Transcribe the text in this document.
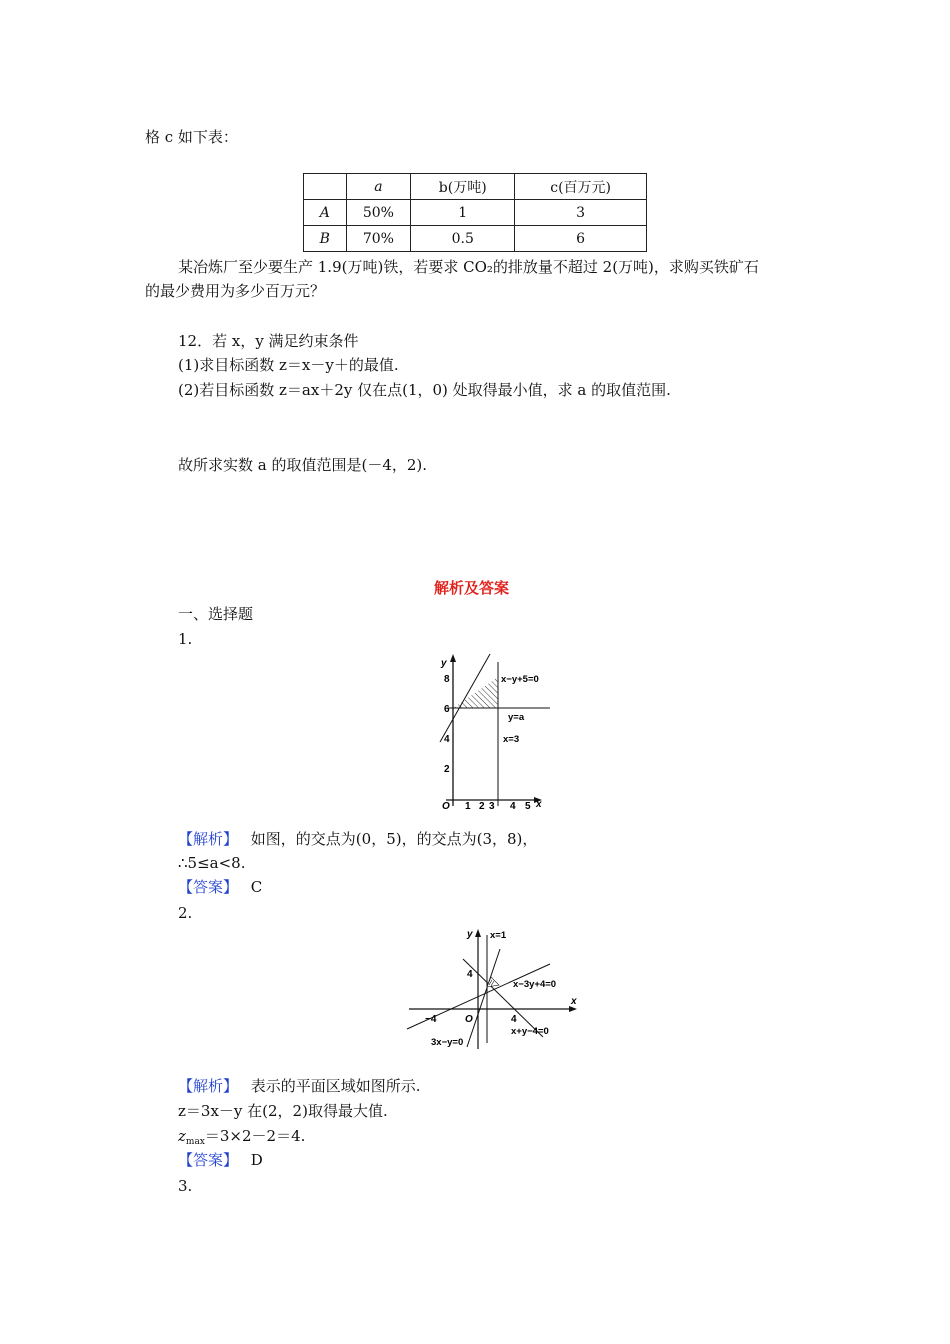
格 c 如下表：
	a	b(万吨)	c(百万元)
A	50%	1	3
B	70%	0.5	6
某冶炼厂至少要生产 1.9(万吨)铁，若要求 CO₂的排放量不超过 2(万吨)，求购买铁矿石
的最少费用为多少百万元？
12．若 x，y 满足约束条件
(1)求目标函数 z＝x－y＋的最值.
(2)若目标函数 z＝ax＋2y 仅在点(1，0) 处取得最小值，求 a 的取值范围.
故所求实数 a 的取值范围是(－4，2).
解析及答案
一、选择题
1.
y
x
O
8
6
4
2
1 2 3 4 5
x−y+5=0
y=a
x=3
【解析】 如图，的交点为(0，5)，的交点为(3，8)，
∴5≤a<8.
【答案】 C
2.
y
x
O
−4	4
4
x=1
x−3y+4=0
x+y−4=0
3x−y=0
【解析】 表示的平面区域如图所示.
z＝3x－y 在(2，2)取得最大值.
$z_{max}=3\times 2-2=4$.
【答案】 D
3.
